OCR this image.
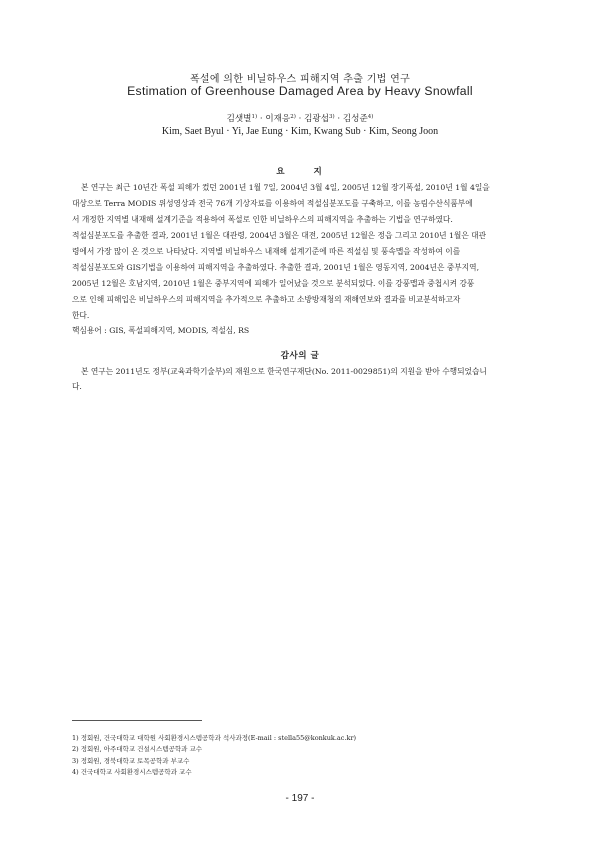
폭설에 의한 비닐하우스 피해지역 추출 기법 연구
Estimation of Greenhouse Damaged Area by Heavy Snowfall
김샛별$^{1)}$ · 이재응$^{2)}$ · 김광섭$^{3)}$ · 김성준$^{4)}$
Kim, Saet Byul · Yi, Jae Eung · Kim, Kwang Sub · Kim, Seong Joon
요 지
본 연구는 최근 10년간 폭설 피해가 컸던 2001년 1월 7일, 2004년 3월 4일, 2005년 12월 장기폭설, 2010년 1월 4일을
대상으로 Terra MODIS 위성영상과 전국 76개 기상자료를 이용하여 적설심분포도를 구축하고, 이를 농림수산식품부에
서 개정한 지역별 내재해 설계기준을 적용하여 폭설로 인한 비닐하우스의 피해지역을 추출하는 기법을 연구하였다.
적설심분포도를 추출한 결과, 2001년 1월은 대관령, 2004년 3월은 대전, 2005년 12월은 정읍 그리고 2010년 1월은 대관
령에서 가장 많이 온 것으로 나타났다. 지역별 비닐하우스 내재해 설계기준에 따른 적설심 및 풍속맵을 작성하여 이를
적설심분포도와 GIS기법을 이용하여 피해지역을 추출하였다. 추출한 결과, 2001년 1월은 영동지역, 2004년은 중부지역,
2005년 12월은 호남지역, 2010년 1월은 중부지역에 피해가 일어났을 것으로 분석되었다. 이를 강풍맵과 중첩시켜 강풍
으로 인해 피해입은 비닐하우스의 피해지역을 추가적으로 추출하고 소방방재청의 재해연보와 결과를 비교분석하고자
한다.
핵심용어 : GIS, 폭설피해지역, MODIS, 적설심, RS
감사의 글
본 연구는 2011년도 정부(교육과학기술부)의 재원으로 한국연구재단(No. 2011-0029851)의 지원을 받아 수행되었습니
다.
1) 정회원, 건국대학교 대학원 사회환경시스템공학과 석사과정(E-mail : stella55@konkuk.ac.kr)
2) 정회원, 아주대학교 건설시스템공학과 교수
3) 정회원, 경북대학교 토목공학과 부교수
4) 건국대학교 사회환경시스템공학과 교수
- 197 -
